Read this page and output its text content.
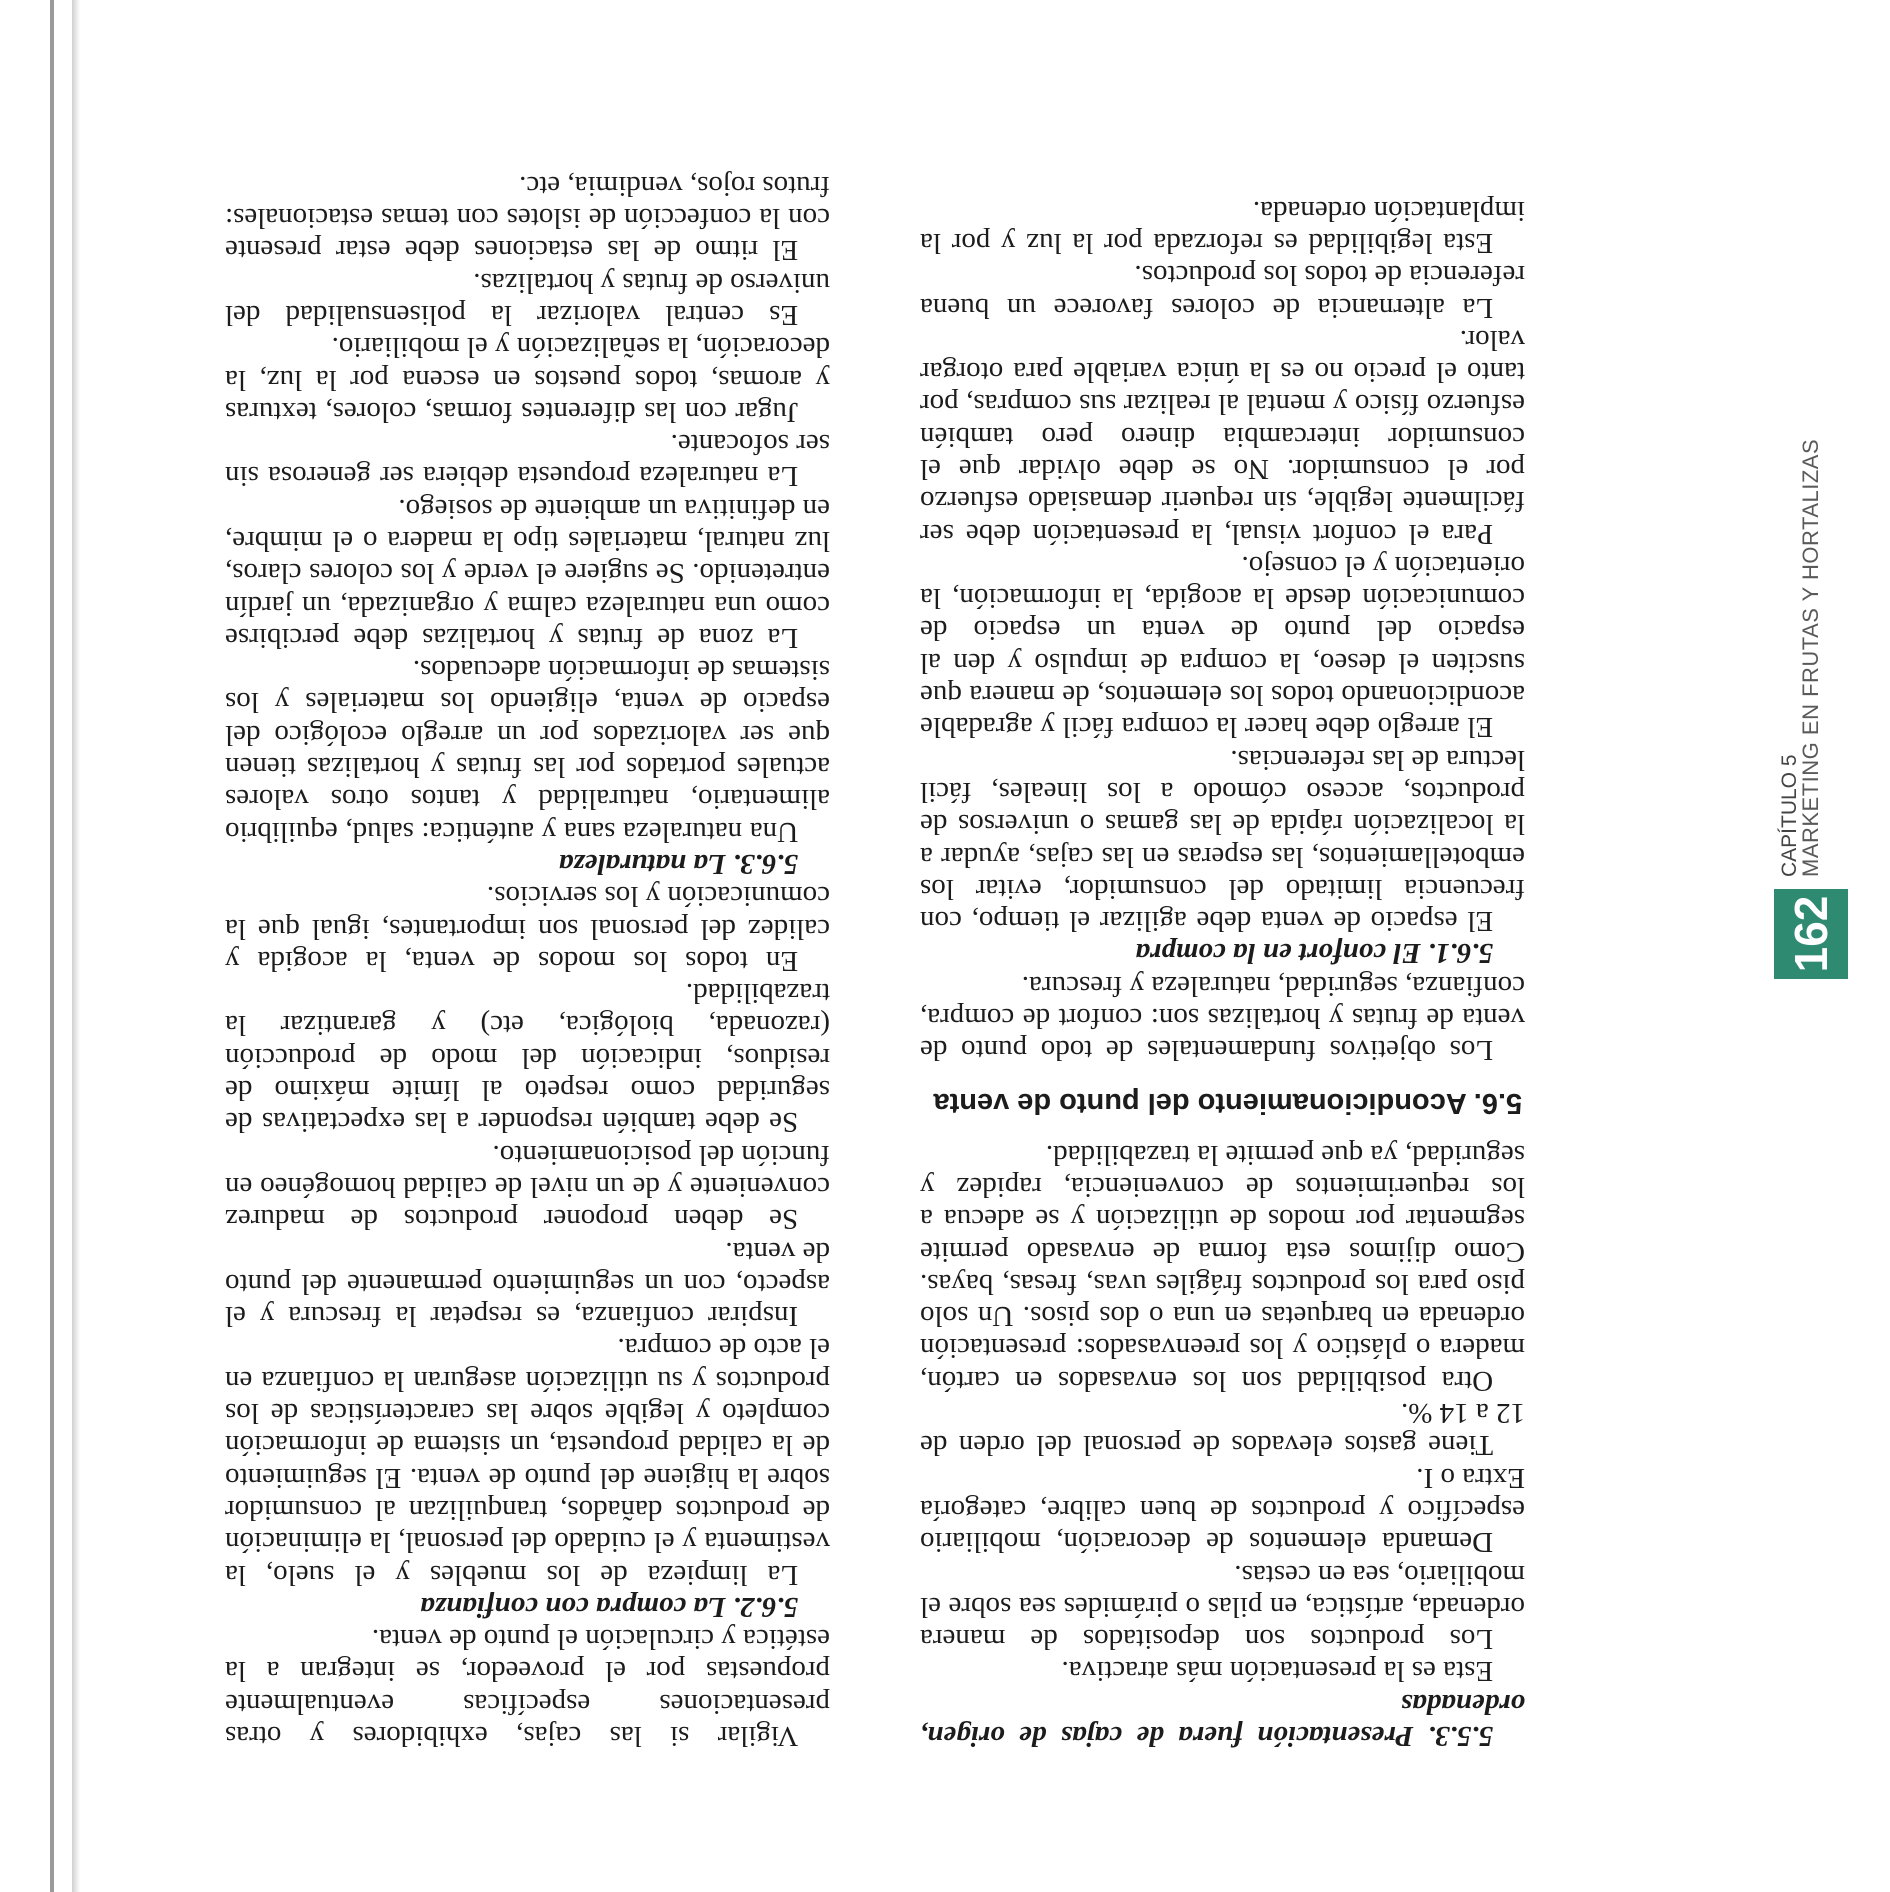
5.5.3. Presentación fuera de cajas de origen, ordenadas

Esta es la presentación más atractiva.

Los productos son depositados de manera ordenada, artística, en pilas o pirámides sea sobre el mobiliario, sea en cestas.

Demanda elementos de decoración, mobiliario específico y productos de buen calibre, categoría Extra o I.

Tiene gastos elevados de personal del orden de 12 a 14 %.

Otra posibilidad son los envasados en cartón, madera o plástico y los preenvasados: presentación ordenada en barquetas en una o dos pisos. Un solo piso para los productos frágiles uvas, fresas, bayas. Como dijimos esta forma de envasado permite segmentar por modos de utilización y se adecua a los requerimientos de conveniencia, rapidez y seguridad, ya que permite la trazabilidad.

5.6. Acondicionamiento del punto de venta

Los objetivos fundamentales de todo punto de venta de frutas y hortalizas son: confort de compra, confianza, seguridad, naturaleza y frescura.

5.6.1. El confort en la compra

El espacio de venta debe agilizar el tiempo, con frecuencia limitado del consumidor, evitar los embotellamientos, las esperas en las cajas, ayudar a la localización rápida de las gamas o universos de productos, acceso cómodo a los lineales, fácil lectura de las referencias.

El arreglo debe hacer la compra fácil y agradable acondicionando todos los elementos, de manera que susciten el deseo, la compra de impulso y den al espacio del punto de venta un espacio de comunicación desde la acogida, la información, la orientación y el consejo.

Para el confort visual, la presentación debe ser fácilmente legible, sin requerir demasiado esfuerzo por el consumidor. No se debe olvidar que el consumidor intercambia dinero pero también esfuerzo físico y mental al realizar sus compras, por tanto el precio no es la única variable para otorgar valor.

La alternancia de colores favorece un buena referencia de todos los productos.

Esta legibilidad es reforzada por la luz y por la implantación ordenada.

Vigilar si las cajas, exhibidores y otras presentaciones específicas eventualmente propuestas por el proveedor, se integran a la estética y circulación el punto de venta.

5.6.2. La compra con confianza

La limpieza de los muebles y el suelo, la vestimenta y el cuidado del personal, la eliminación de productos dañados, tranquilizan al consumidor sobre la higiene del punto de venta. El seguimiento de la calidad propuesta, un sistema de información completo y legible sobre las características de los productos y su utilización aseguran la confianza en el acto de compra.

Inspirar confianza, es respetar la frescura y el aspecto, con un seguimiento permanente del punto de venta.

Se deben proponer productos de madurez conveniente y de un nivel de calidad homogéneo en función del posicionamiento.

Se debe también responder a las expectativas de seguridad como respeto al límite máximo de residuos, indicación del modo de producción (razonada, biológica, etc) y garantizar la trazabilidad.

En todos los modos de venta, la acogida y calidez del personal son importantes, igual que la comunicación y los servicios.

5.6.3. La naturaleza

Una naturaleza sana y auténtica: salud, equilibrio alimentario, naturalidad y tantos otros valores actuales portados por las frutas y hortalizas tienen que ser valorizados por un arreglo ecológico del espacio de venta, eligiendo los materiales y los sistemas de información adecuados.

La zona de frutas y hortalizas debe percibirse como una naturaleza calma y organizada, un jardín entretenido. Se sugiere el verde y los colores claros, luz natural, materiales tipo la madera o el mimbre, en definitiva un ambiente de sosiego.

La naturaleza propuesta debiera ser generosa sin ser sofocante.

Jugar con las diferentes formas, colores, texturas y aromas, todos puestos en escena por la luz, la decoración, la señalización y el mobiliario.

Es central valorizar la polisensualidad del universo de frutas y hortalizas.

El ritmo de las estaciones debe estar presente con la confección de islotes con temas estacionales: frutos rojos, vendimia, etc.

162
CAPÍTULO 5
MARKETING EN FRUTAS Y HORTALIZAS
